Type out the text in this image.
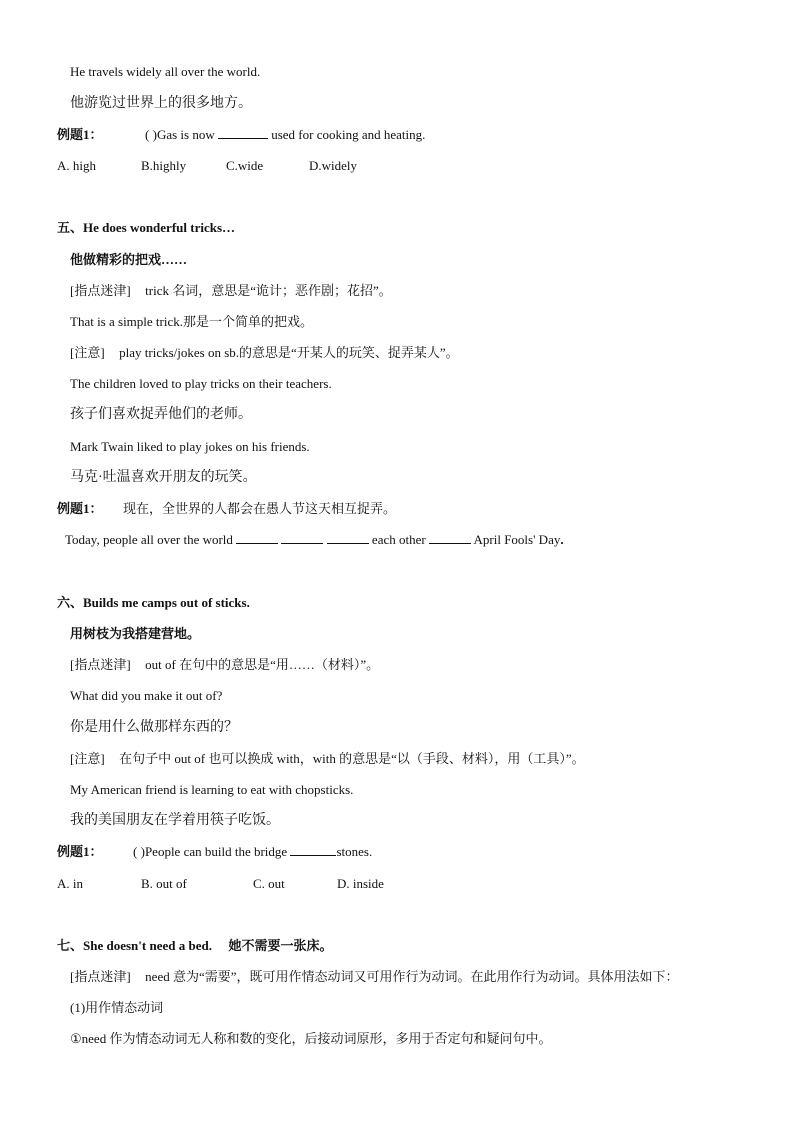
He travels widely all over the world.
他游览过世界上的很多地方。
例题1：	( )Gas is now	used for cooking and heating.
A. high	B.highly	C.wide	D.widely
五、He does wonderful tricks…
他做精彩的把戏……
[指点迷津] trick 名词，意思是“诡计；恶作剧；花招”。
That is a simple trick.那是一个简单的把戏。
[注意] play tricks/jokes on sb.的意思是“开某人的玩笑、捉弄某人”。
The children loved to play tricks on their teachers.
孩子们喜欢捉弄他们的老师。
Mark Twain liked to play jokes on his friends.
马克·吐温喜欢开朋友的玩笑。
例题1： 现在，全世界的人都会在愚人节这天相互捉弄。
Today, people all over the world	each other	April Fools' Day.
六、Builds me camps out of sticks.
用树枝为我搭建营地。
[指点迷津] out of 在句中的意思是“用……（材料）”。
What did you make it out of?
你是用什么做那样东西的？
[注意] 在句子中 out of 也可以换成 with，with 的意思是“以（手段、材料），用（工具）”。
My American friend is learning to eat with chopsticks.
我的美国朋友在学着用筷子吃饭。
例题1： ( )People can build the bridge	stones.
A. in	B. out of	C. out	D. inside
七、She doesn't need a bed. 她不需要一张床。
[指点迷津] need 意为“需要”，既可用作情态动词又可用作行为动词。在此用作行为动词。具体用法如下：
(1)用作情态动词
①need 作为情态动词无人称和数的变化，后接动词原形，多用于否定句和疑问句中。
